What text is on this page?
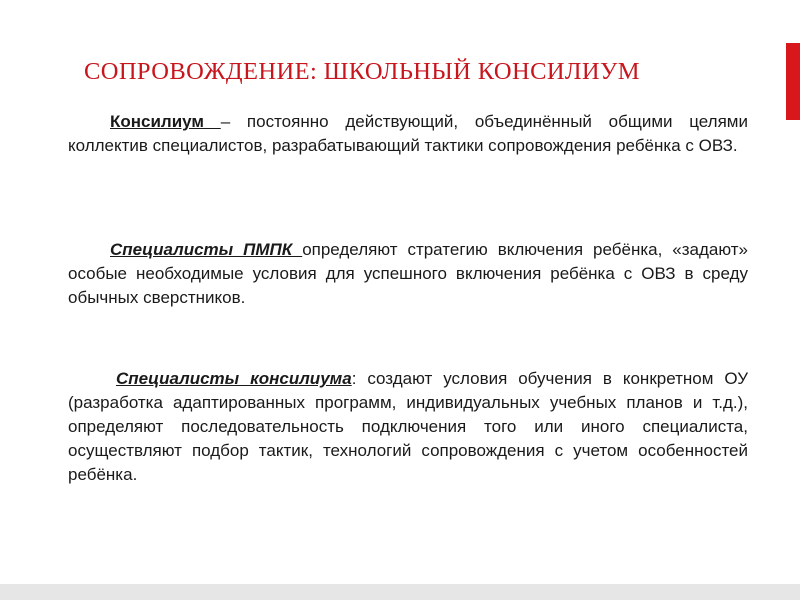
СОПРОВОЖДЕНИЕ: ШКОЛЬНЫЙ КОНСИЛИУМ

Консилиум – постоянно действующий, объединённый общими целями коллектив специалистов, разрабатывающий тактики сопровождения ребёнка с ОВЗ.

Специалисты ПМПК определяют стратегию включения ребёнка, «задают» особые необходимые условия для успешного включения ребёнка с ОВЗ в среду обычных сверстников.

Специалисты консилиума: создают условия обучения в конкретном ОУ (разработка адаптированных программ, индивидуальных учебных планов и т.д.), определяют последовательность подключения того или иного специалиста, осуществляют подбор тактик, технологий сопровождения с учетом особенностей ребёнка.
